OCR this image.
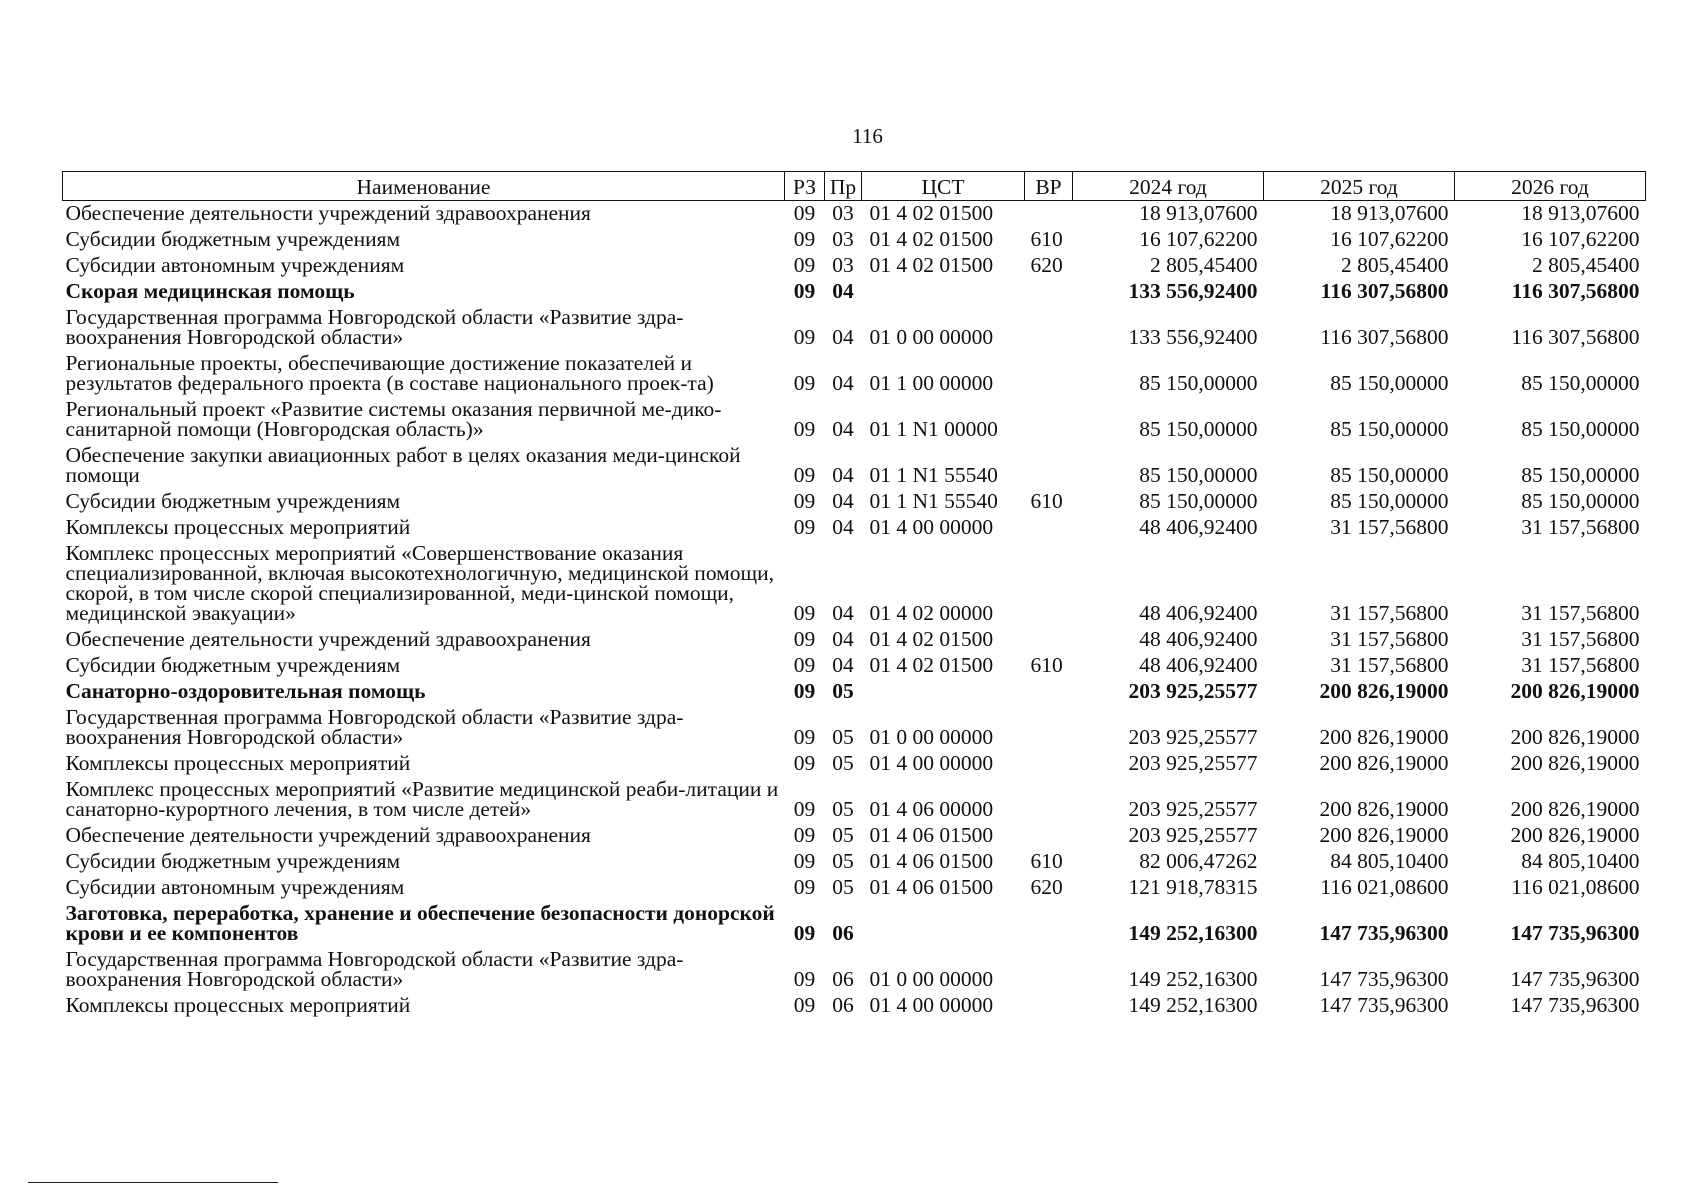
116
Наименование	РЗ	Пр	ЦСТ	ВР	2024 год	2025 год	2026 год
Обеспечение деятельности учреждений здравоохранения	09	03	01 4 02 01500		18 913,07600	18 913,07600	18 913,07600
Субсидии бюджетным учреждениям	09	03	01 4 02 01500	610	16 107,62200	16 107,62200	16 107,62200
Субсидии автономным учреждениям	09	03	01 4 02 01500	620	2 805,45400	2 805,45400	2 805,45400
Скорая медицинская помощь	09	04			133 556,92400	116 307,56800	116 307,56800
Государственная программа Новгородской области «Развитие здра-воохранения Новгородской области»	09	04	01 0 00 00000		133 556,92400	116 307,56800	116 307,56800
Региональные проекты, обеспечивающие достижение показателей и результатов федерального проекта (в составе национального проек-та)	09	04	01 1 00 00000		85 150,00000	85 150,00000	85 150,00000
Региональный проект «Развитие системы оказания первичной ме-дико-санитарной помощи (Новгородская область)»	09	04	01 1 N1 00000		85 150,00000	85 150,00000	85 150,00000
Обеспечение закупки авиационных работ в целях оказания меди-цинской помощи	09	04	01 1 N1 55540		85 150,00000	85 150,00000	85 150,00000
Субсидии бюджетным учреждениям	09	04	01 1 N1 55540	610	85 150,00000	85 150,00000	85 150,00000
Комплексы процессных мероприятий	09	04	01 4 00 00000		48 406,92400	31 157,56800	31 157,56800
Комплекс процессных мероприятий «Совершенствование оказания специализированной, включая высокотехнологичную, медицинской помощи, скорой, в том числе скорой специализированной, меди-цинской помощи, медицинской эвакуации»	09	04	01 4 02 00000		48 406,92400	31 157,56800	31 157,56800
Обеспечение деятельности учреждений здравоохранения	09	04	01 4 02 01500		48 406,92400	31 157,56800	31 157,56800
Субсидии бюджетным учреждениям	09	04	01 4 02 01500	610	48 406,92400	31 157,56800	31 157,56800
Санаторно-оздоровительная помощь	09	05			203 925,25577	200 826,19000	200 826,19000
Государственная программа Новгородской области «Развитие здра-воохранения Новгородской области»	09	05	01 0 00 00000		203 925,25577	200 826,19000	200 826,19000
Комплексы процессных мероприятий	09	05	01 4 00 00000		203 925,25577	200 826,19000	200 826,19000
Комплекс процессных мероприятий «Развитие медицинской реаби-литации и санаторно-курортного лечения, в том числе детей»	09	05	01 4 06 00000		203 925,25577	200 826,19000	200 826,19000
Обеспечение деятельности учреждений здравоохранения	09	05	01 4 06 01500		203 925,25577	200 826,19000	200 826,19000
Субсидии бюджетным учреждениям	09	05	01 4 06 01500	610	82 006,47262	84 805,10400	84 805,10400
Субсидии автономным учреждениям	09	05	01 4 06 01500	620	121 918,78315	116 021,08600	116 021,08600
Заготовка, переработка, хранение и обеспечение безопасности донорской крови и ее компонентов	09	06			149 252,16300	147 735,96300	147 735,96300
Государственная программа Новгородской области «Развитие здра-воохранения Новгородской области»	09	06	01 0 00 00000		149 252,16300	147 735,96300	147 735,96300
Комплексы процессных мероприятий	09	06	01 4 00 00000		149 252,16300	147 735,96300	147 735,96300
